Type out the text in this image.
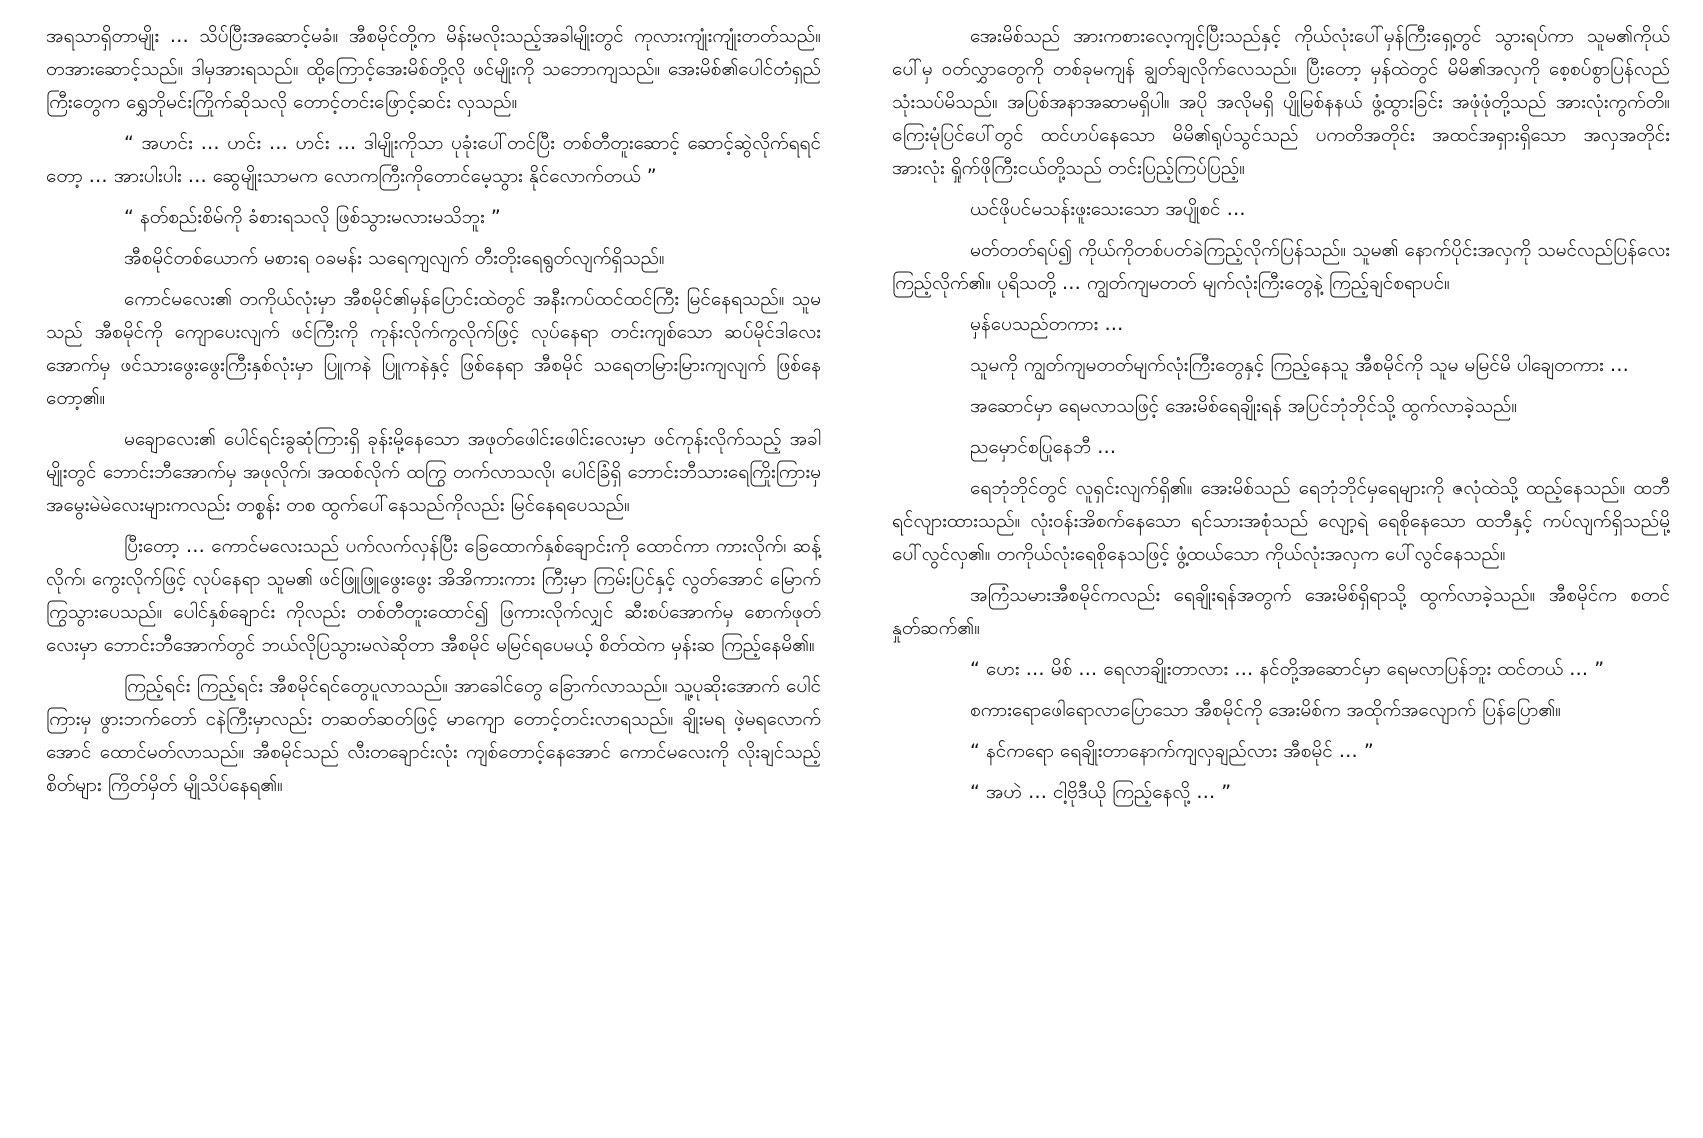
အရသာရှိတာမျိုး … သိပ်ပြီးအဆောင့်မခံ။ အီစမိုင်တို့က မိန်းမလိုးသည့်အခါမျိုးတွင် ကုလားကျုံးကျုံးတတ်သည်။ တအားဆောင့်သည်။ ဒါမှအားရသည်။ ထို့ကြောင့်အေးမိစ်တို့လို ဖင်မျိုးကို သဘောကျသည်။ အေးမိစ်၏ပေါင်တံရှည်ကြီးတွေက ရွှေဘိုမင်းကြိုက်ဆိုသလို တောင့်တင်းဖြောင့်ဆင်း လှသည်။

“ အဟင်း … ဟင်း … ဟင်း … ဒါမျိုးကိုသာ ပုခုံးပေါ်တင်ပြီး တစ်တီတူးဆောင့် ဆောင့်ဆွဲလိုက်ရရင်တော့ … အားပါးပါး … ဆွေမျိုးသာမက လောကကြီးကိုတောင်မေ့သွား နိုင်လောက်တယ် ”

“ နတ်စည်းစိမ်ကို ခံစားရသလို ဖြစ်သွားမလားမသိဘူး ”

အီစမိုင်တစ်ယောက် မစားရ ဝခမန်း သရေကျလျက် တီးတိုးရေရွတ်လျက်ရှိသည်။

ကောင်မလေး၏ တကိုယ်လုံးမှာ အီစမိုင်၏မှန်ပြောင်းထဲတွင် အနီးကပ်ထင်ထင်ကြီး မြင်နေရသည်။ သူမသည် အီစမိုင်ကို ကျောပေးလျက် ဖင်ကြီးကို ကုန်းလိုက်ကွလိုက်ဖြင့် လုပ်နေရာ တင်းကျစ်သော ဆပ်မိုင်ဒါလေးအောက်မှ ဖင်သားဖွေးဖွေးကြီးနှစ်လုံးမှာ ပြူကနဲ ပြူကနဲနှင့် ဖြစ်နေရာ အီစမိုင် သရေတမြားမြားကျလျက် ဖြစ်နေတော့၏။

မချောလေး၏ ပေါင်ရင်းခွဆုံကြားရှိ ခုန်းမို့နေသော အဖုတ်ဖေါင်းဖေါင်းလေးမှာ ဖင်ကုန်းလိုက်သည့် အခါမျိုးတွင် ဘောင်းဘီအောက်မှ အဖုလိုက်၊ အထစ်လိုက် ထကြွ တက်လာသလို၊ ပေါင်ခြံရှိ ဘောင်းဘီသားရေကြိုးကြားမှ အမွေးမဲမဲလေးများကလည်း တစ္စန်း တစ ထွက်ပေါ်နေသည်ကိုလည်း မြင်နေရပေသည်။

ပြီးတော့ … ကောင်မလေးသည် ပက်လက်လှန်ပြီး ခြေထောက်နှစ်ချောင်းကို ထောင်ကာ ကားလိုက်၊ ဆန့်လိုက်၊ ကွေးလိုက်ဖြင့် လုပ်နေရာ သူမ၏ ဖင်ဖြူဖြူဖွေးဖွေး အိအိကားကား ကြီးမှာ ကြမ်းပြင်နှင့် လွတ်အောင် မြောက်ကြွသွားပေသည်။ ပေါင်နှစ်ချောင်း ကိုလည်း တစ်တီတူးထောင်၍ ဖြကားလိုက်လျှင် ဆီးစပ်အောက်မှ စောက်ဖုတ်လေးမှာ ဘောင်းဘီအောက်တွင် ဘယ်လိုပြသွားမလဲဆိုတာ အီစမိုင် မမြင်ရပေမယ့် စိတ်ထဲက မှန်းဆ ကြည့်နေမိ၏။

ကြည့်ရင်း ကြည့်ရင်း အီစမိုင်ရင်တွေပူလာသည်။ အာခေါင်တွေ ခြောက်လာသည်။ သူ့ပုဆိုးအောက် ပေါင်ကြားမှ ဖွားဘက်တော် ငနဲကြီးမှာလည်း တဆတ်ဆတ်ဖြင့် မာကျော တောင့်တင်းလာရသည်။ ချိုးမရ ဖဲ့မရလောက်အောင် ထောင်မတ်လာသည်။ အီစမိုင်သည် လီးတချောင်းလုံး ကျစ်တောင့်နေအောင် ကောင်မလေးကို လိုးချင်သည့်စိတ်များ ကြိတ်မှိတ် မျိုသိပ်နေရ၏။

အေးမိစ်သည် အားကစားလေ့ကျင့်ပြီးသည်နှင့် ကိုယ်လုံးပေါ်မှန်ကြီးရှေ့တွင် သွားရပ်ကာ သူမ၏ကိုယ်ပေါ်မှ ဝတ်လွှာတွေကို တစ်ခုမကျန် ချွတ်ချလိုက်လေသည်။ ပြီးတော့ မှန်ထဲတွင် မိမိ၏အလှကို စေ့စပ်စွာပြန်လည်သုံးသပ်မိသည်။ အပြစ်အနာအဆာမရှိပါ။ အပို အလိုမရှိ ပျိုမြစ်နနယ် ဖွံ့ထွားခြင်း အဖုံဖုံတို့သည် အားလုံးကွက်တိ။ ကြေးမုံပြင်ပေါ်တွင် ထင်ဟပ်နေသော မိမိ၏ရုပ်သွင်သည် ပကတိအတိုင်း အထင်အရှားရှိသော အလှအတိုင်း အားလုံး ရှိုက်ဖိုကြီးငယ်တို့သည် တင်းပြည့်ကြပ်ပြည့်။

ယင်ဖိုပင်မသန်းဖူးသေးသော အပျိုစင် …

မတ်တတ်ရပ်၍ ကိုယ်ကိုတစ်ပတ်ခဲကြည့်လိုက်ပြန်သည်။ သူမ၏ နောက်ပိုင်းအလှကို သမင်လည်ပြန်လေး ကြည့်လိုက်၏။ ပုရိသတို့ … ကျွတ်ကျမတတ် မျက်လုံးကြီးတွေနဲ့ ကြည့်ချင်စရာပင်။

မှန်ပေသည်တကား …

သူမကို ကျွတ်ကျမတတ်မျက်လုံးကြီးတွေနှင့် ကြည့်နေသူ အီစမိုင်ကို သူမ မမြင်မိ ပါချေတကား …

အဆောင်မှာ ရေမလာသဖြင့် အေးမိစ်ရေချိုးရန် အပြင်ဘုံဘိုင်သို့ ထွက်လာခဲ့သည်။

ညမှောင်စပြုနေဘီ …

ရေဘုံဘိုင်တွင် လူရှင်းလျက်ရှိ၏။ အေးမိစ်သည် ရေဘုံဘိုင်မှရေများကို ဇလုံထဲသို့ ထည့်နေသည်။ ထဘီရင်လျားထားသည်။ လုံးဝန်းအိစက်နေသော ရင်သားအစုံသည် လျော့ရဲ ရေစိုနေသော ထဘီနှင့် ကပ်လျက်ရှိသည်မို့ ပေါ်လွင်လှ၏။ တကိုယ်လုံးရေစိုနေသဖြင့် ဖွံ့ထယ်သော ကိုယ်လုံးအလှက ပေါ်လွင်နေသည်။

အကြံသမားအီစမိုင်ကလည်း ရေချိုးရန်အတွက် အေးမိစ်ရှိရာသို့ ထွက်လာခဲ့သည်။ အီစမိုင်က စတင်နှုတ်ဆက်၏။

“ ဟေး … မိစ် … ရေလာချိုးတာလား … နင်တို့အဆောင်မှာ ရေမလာပြန်ဘူး ထင်တယ် … ”

စကားရောဖေါရောလာပြောသော အီစမိုင်ကို အေးမိစ်က အထိုက်အလျောက် ပြန်ပြော၏။

“ နင်ကရော ရေချိုးတာနောက်ကျလှချည်လား အီစမိုင် … ”

“ အဟဲ … ငါ့ဗိုဒီယို ကြည့်နေလို့ … ”
